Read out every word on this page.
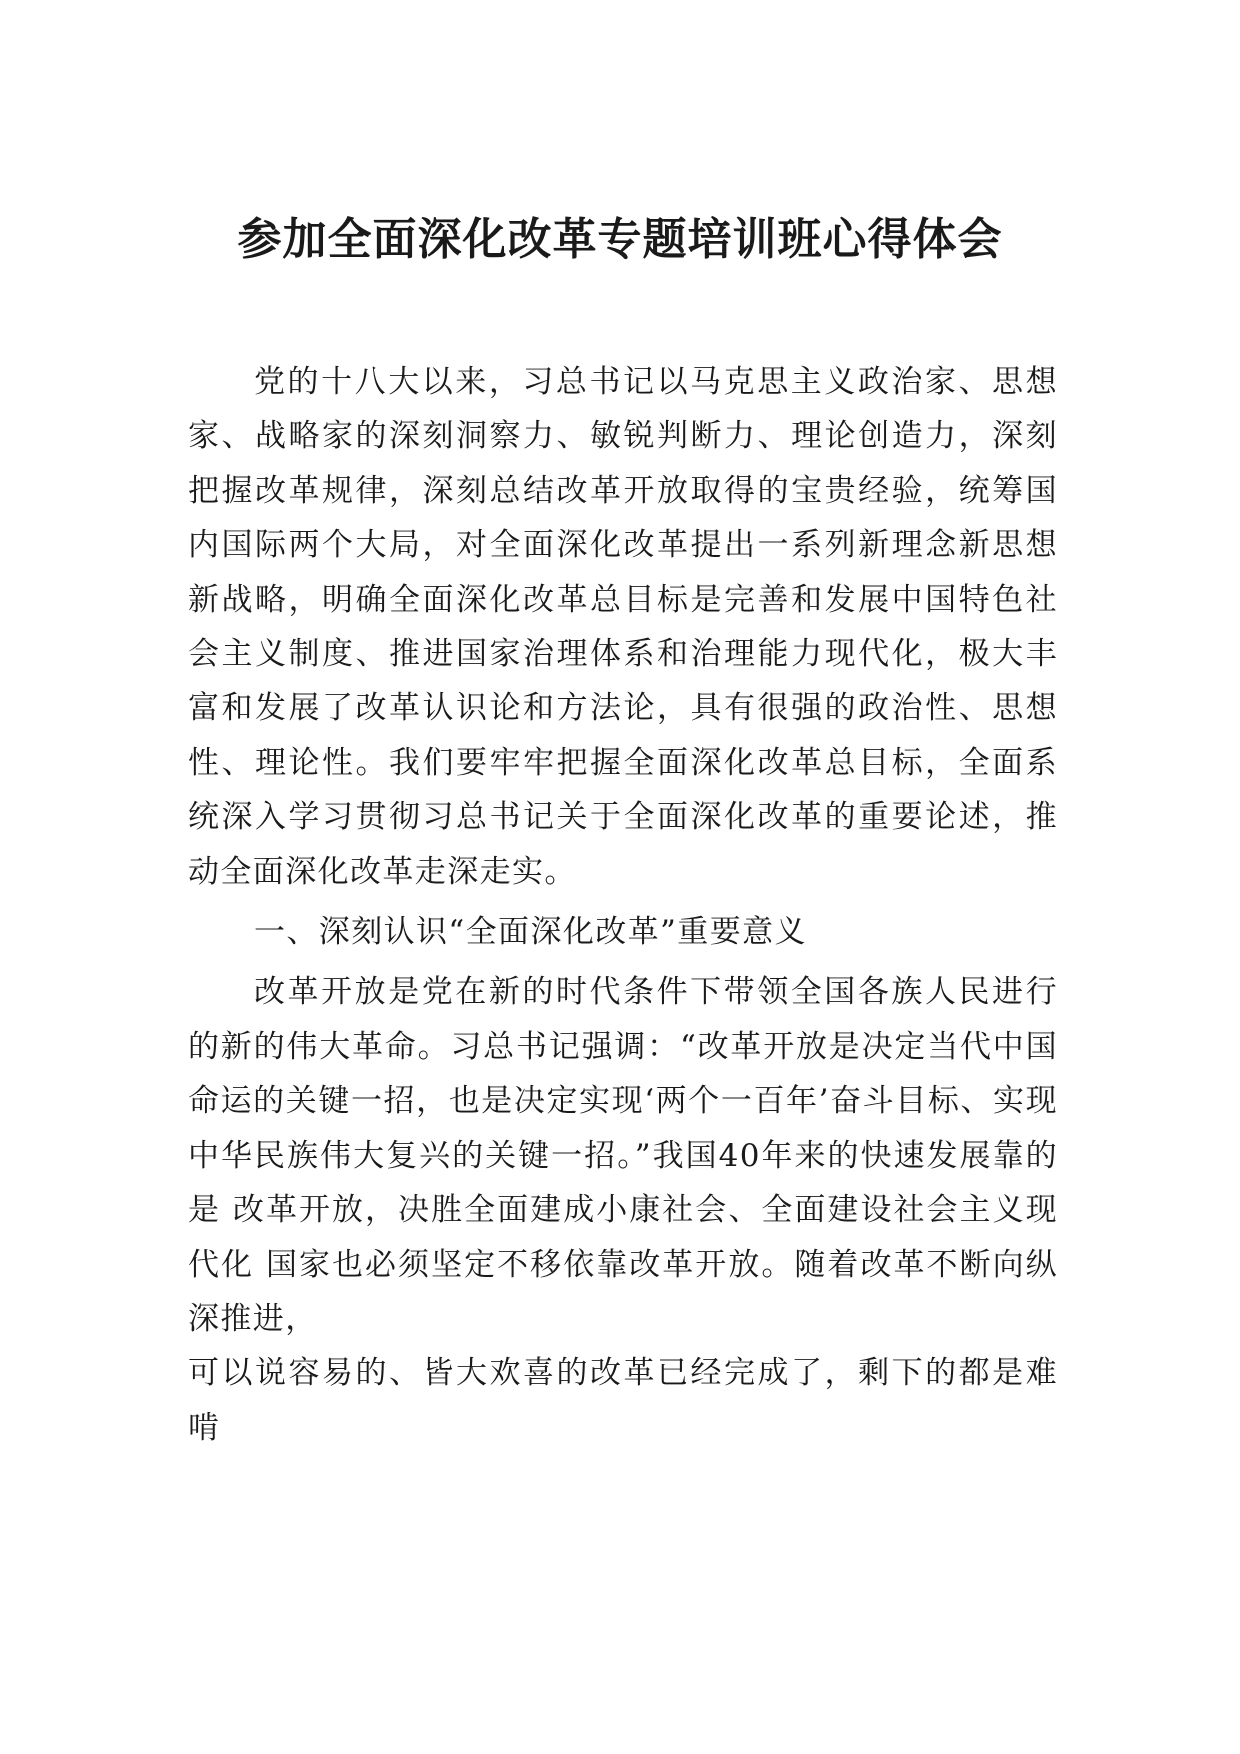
参加全面深化改革专题培训班心得体会

党的十八大以来，习总书记以马克思主义政治家、思想家、战略家的深刻洞察力、敏锐判断力、理论创造力，深刻把握改革规律，深刻总结改革开放取得的宝贵经验，统筹国内国际两个大局，对全面深化改革提出一系列新理念新思想新战略，明确全面深化改革总目标是完善和发展中国特色社会主义制度、推进国家治理体系和治理能力现代化，极大丰富和发展了改革认识论和方法论，具有很强的政治性、思想性、理论性。我们要牢牢把握全面深化改革总目标，全面系统深入学习贯彻习总书记关于全面深化改革的重要论述，推动全面深化改革走深走实。

一、深刻认识“全面深化改革”重要意义

改革开放是党在新的时代条件下带领全国各族人民进行的新的伟大革命。习总书记强调：“改革开放是决定当代中国命运的关键一招，也是决定实现‘两个一百年’奋斗目标、实现中华民族伟大复兴的关键一招。”我国40年来的快速发展靠的是 改革开放，决胜全面建成小康社会、全面建设社会主义现代化 国家也必须坚定不移依靠改革开放。随着改革不断向纵深推进，

可以说容易的、皆大欢喜的改革已经完成了，剩下的都是难啃
